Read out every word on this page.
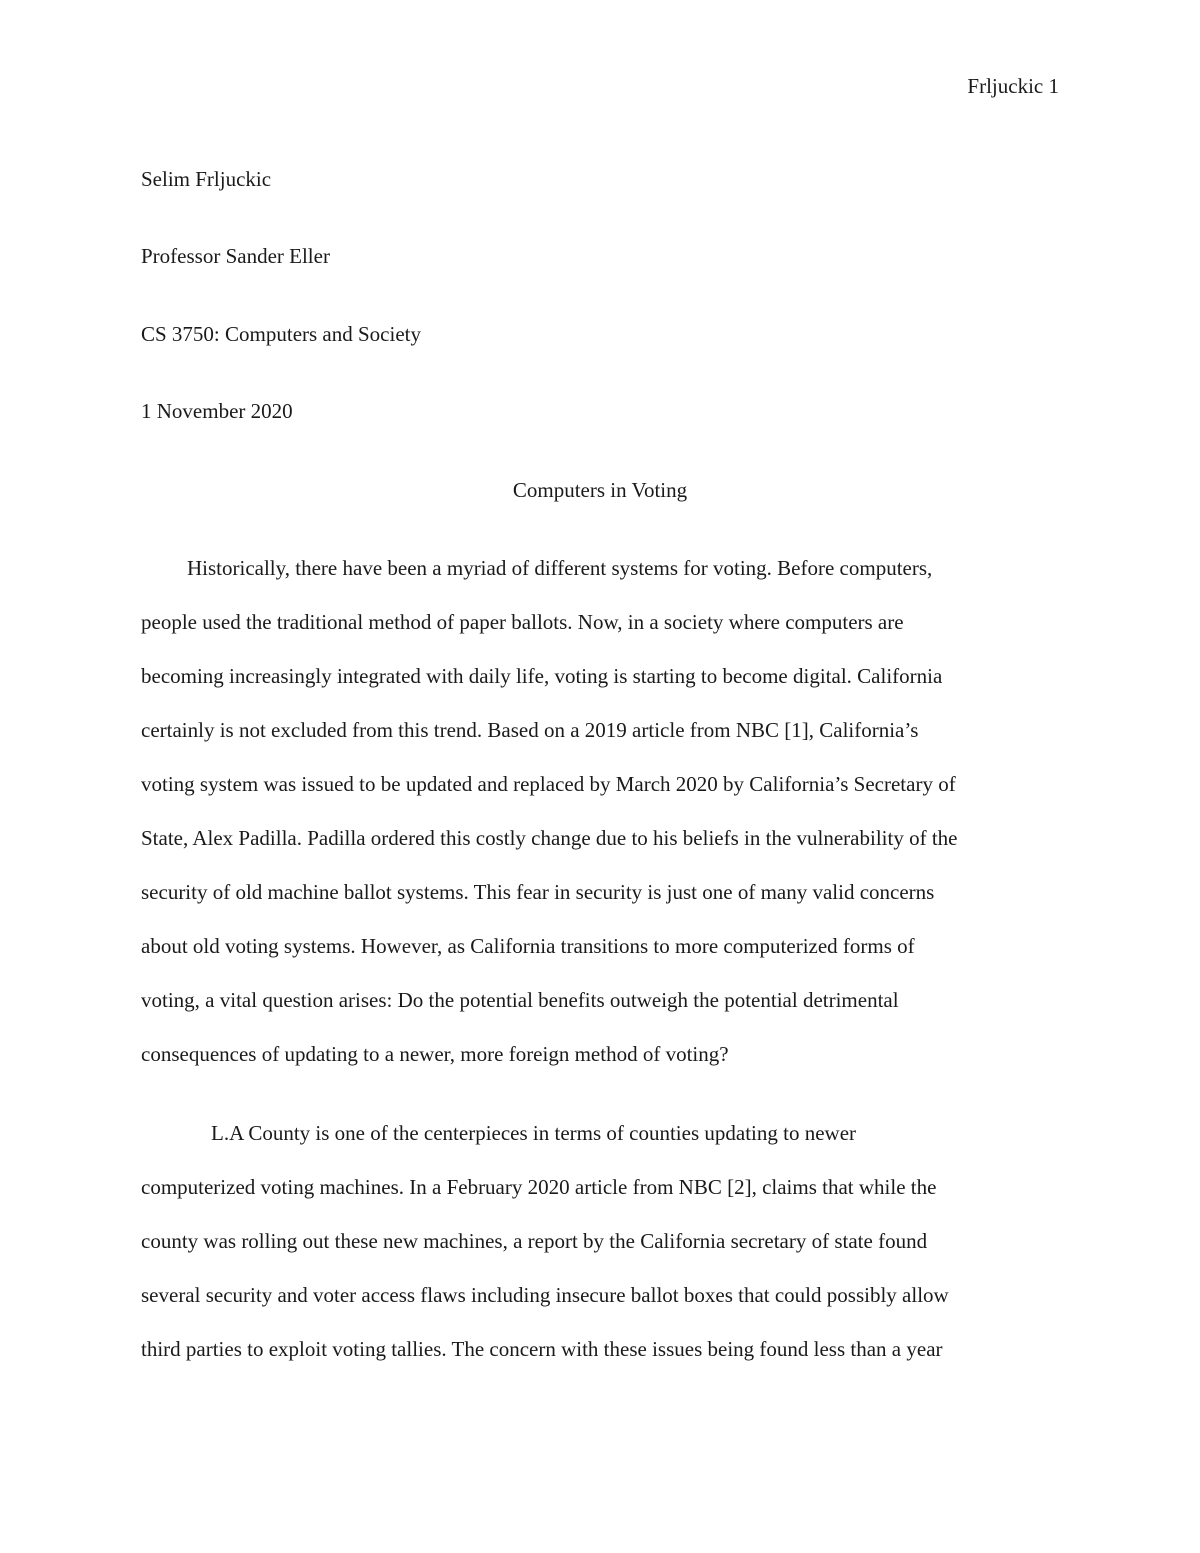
Frljuckic 1
Selim Frljuckic
Professor Sander Eller
CS 3750: Computers and Society
1 November 2020
Computers in Voting
Historically, there have been a myriad of different systems for voting. Before computers,
people used the traditional method of paper ballots. Now, in a society where computers are
becoming increasingly integrated with daily life, voting is starting to become digital. California
certainly is not excluded from this trend. Based on a 2019 article from NBC [1], California’s
voting system was issued to be updated and replaced by March 2020 by California’s Secretary of
State, Alex Padilla. Padilla ordered this costly change due to his beliefs in the vulnerability of the
security of old machine ballot systems. This fear in security is just one of many valid concerns
about old voting systems. However, as California transitions to more computerized forms of
voting, a vital question arises: Do the potential benefits outweigh the potential detrimental
consequences of updating to a newer, more foreign method of voting?
L.A County is one of the centerpieces in terms of counties updating to newer
computerized voting machines. In a February 2020 article from NBC [2], claims that while the
county was rolling out these new machines, a report by the California secretary of state found
several security and voter access flaws including insecure ballot boxes that could possibly allow
third parties to exploit voting tallies. The concern with these issues being found less than a year
